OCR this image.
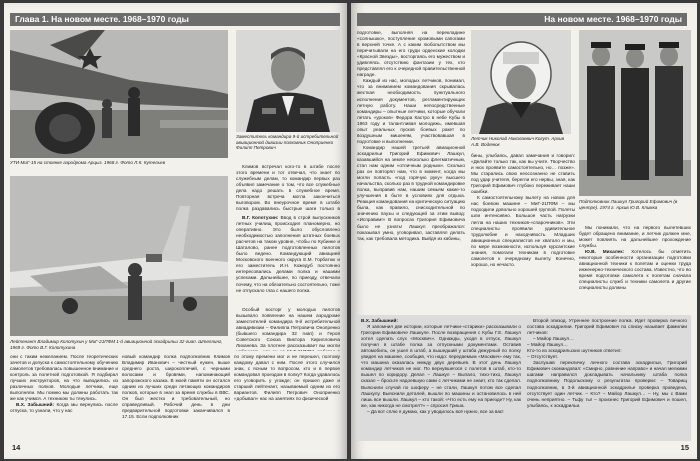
Глава 1. На новом месте. 1968–1970 годы
УТИ-МиГ-15 на стоянке аэродрома Арцыз. 1968 г. Фото Л.К. Кутельев
Заместитель командира 9-й истребительной авиационной дивизии полковник Оноприенко Филипп Петрович

Климов встречал кого-то в штабе после этого времени и тот отвечал, что знает по служебным делам, то командир первых раз объявил замечание о том, что все служебные дела надо решать в служебное время. Повторная встреча могла закончиться выговором. Во внеурочное время в штабе полка раздавались быстрые шаги только в

Лейтенант Владимир Колотухин у МиГ-21ПФМ 1-й авиационной эскадрильи 32-гиап. Штеллинг, 1969 г. Фото В.Г. Колотухина

В.Г. Колотухин: Ввод в строй выпускников летных училищ происходил планомерно, но оперативно. Это было обусловлено необходимостью заполнения штатных боевых расчетов на таком уровне, чтобы по Кубинке и Шаталово, ранее подготовленных пилотов было ведено. Командующий авиацией Московского военного округа Е.М. Горбатюк и его заместитель И.Н. Кожедуб постоянно интересовались делами полка и нашими успехами. Дальнейшее, по приезду, отвечали почему, что на обязательно состоятельно, тоже не отпускало глаз с нашего полка.

Особый восторг у молодых пилотов вызывало появление на нашем аэродроме заместителей командира 9-й истребительной авиадивизии – Филиппа Петровича Онопренко (бывшего командира 32 гиап) и Героя Советского Союза Виктора Кирилловича Лиханева. За плотнее рассказывает вы могли

они с таким нежеланием. После теоретических зачетов и допуска к самостоятельному обучению самолетов требовалась повышенное внимание и контроль за полетной подготовкой. Я подбирал лучших инструкторов, на что выводились из различных полков. Молодые летчики, еще выполняли. Мы помню мы должны работать так же как учимся. А техником ты тянулись.

В.Х. Забышний: Когда мы вернулись после отпуска, то узнали, что у нас

новый командир полка подполковник Климов Владимир Иванович – честный нужен, выше среднего роста, широкоплечий, с черными волосами и бровями, напоминающий запорожского казака. В моей памяти он остался одним из лучших среди летающих командиров полков, которые в знал за время службы в ВВС. Он был жестко и требовательный, но справедливый. Рабочий день в дни предварительной подготовки заканчивался в 17.15. Если подполковник

по этому времени мог и не перешел, поэтому каждому давал с ним. После этого случился знак, с ясным то вопросом, кто и в первое командовал проездом в полку? Когда удавалось его уговорить у угожде; он пришел даже и старший лейтенант, называемый одним из его вариантов. Филипп Петрович Оноприенко «добывал» нас на занятиях по физической

14
На новом месте. 1968–1970 годы

подготовке, выполняя на перекладине «солнышко», поступление хромовыми сапогами в верхней точке. А с каким любопытством мы перечитывали на его груди орденские колодки «Красной Звезды», восторгаясь его мужеством и удивляясь отсутствию фантазии у тех, кто представлял его к очередной правительственной награде.

Каждый из нас, молодых летчиков, понимал, что за вниманием командования скрывалась жесткая необходимость пунктуального исполнения документов, регламентирующих летную работу. Наши непосредственные командиры – опытные летчики, которые обучали летать «уроков» Федора Кастро в небе Кубы в 1963 году и талантливая молодежь, имевшая опыт реальных пусков боевых ракет по воздушным мишеням, участвовавшая в подготовке и выполнении.

Командир нашей третьей авиационной эскадрильи Григорий Ефимович Лашкул, казавшийся на земле несколько флегматичным, стал нам одним «отличным родным». Сколько раз он повторял нам, что в момент, когда мы могли попасть «под горячую руку» высшего начальства, сколько раз в трудной командировке полка, выправив нам, нашим семьям какие-то улучшения в быте в условиях для отдыха. Реакция командования на критическую ситуацию была, как правило, снисходительной по значению паузы и следующей за этим вывод: «Исправим!» В вопросах Григория Ефимовича было не узнать! Лашкул преображался: показывал умно, уговоривал, заставлял делать так, как требовала методика. Выйдя из кабины,

Летчик Николай Николаевич Когут. Архив А.В. Водянюк
Подполковник Лашкул Григорий Ефимович (в центре). 1974 г. Архив Ю.В. Климка

бины, улыбаясь, давал замечания и говорил: «Делайте только так, как вы учите. Творчество и нюх проявите самостоятельно, но… позже». Мы старались свою неосознанно не ставить под удар учителя, берегли его нервы, зная, как Григорий Ефимович глубоко переживает наши ошибки.

К самостоятельному вылету на новом для нас боевом машине – МиГ-21ПФМ – мы подходили довольно хорошей группой. Полеты шли интенсивно. Большое часть нагрузки легла на наших техников-«спарочников». Эти специалисты проявили удивительное трудолюбие и находчивость. Младших авиационных специалистов не хватало и мы, по мере возможности, используя курсантские знания, помогали техникам в подготовке самолетов к очередному вылету. Конечно, хорошо, но нечасто.

Мы понимали, что на первого вылетевших будет обращено внимание, и летчик должен мне, может повлиять на дальнейшее прохождение службы.

Ю.В. Михалек: Хотелось бы отметить некоторые особенности организации подготовки авиационной техники к полетам и оценки труда инженерно-технического состава. Известно, что во время подготовки самолета к полетам сначала специалисты служб и техники самолета и другие специалисты должны

В.Х. Забышний:

Я запомнил две истории, которые летчики-«старики» рассказывали о Григории Ефимовиче Лашкуле. После возвращения с Кубы Г.Е. Лашкул хотел сделать слух «Москвич». Однажды, уходя в отпуск, Лашкул получил в штабе полка за отпускными документами. Оставив автомобиль, он ушел в штаб, а вышедший у штаба дежурный по полку увидел на машине, сообщив, что надо: передаемым «Москвич» ему так, что машина оказалась между двух деревьев. В этот день Лашкул командир летчиков не мог. По вернувшегося с полетов в штаб, кто-то вышел по коридору. Делал – Лашкул – Выпало, тихо-тихо, Лашкул сказал – бросьте надоевшую сами с летчиками не знает, кто так сделал. Выяснили случай по шоферу – не стали, Лашкул потом все сделал Лашкулу. Выяснили деталей, вышли по машины и остановилось в ней лишь все вышли. Лашкул – кто такой: «Что есть ему на приезде? Ну, как же, как никогда не смотрел?» – спросил Гриша.

– Да вот сплю я думаю, как у уводилось всё нужно, все за вас!

Второй эпизод. Утреннее построение полка. Идет проверка личного состава эскадрилии. Григорий Ефимович по списку называет фамилии летчиков:

– Майор Лашкул…
– Майор Лашкул…
Кто-то из эскадрильских шутников ответил:
– Отсутствует.

Заслушав перекличку личного состава эскадрильи, Григорий Ефимович скомандовал: «Смирно, равнение направо» и начал мелкими шагами направился докладывать начальнику штаба полка подполковнику Подольскому о результатах проверки: – Товарищ подполковник, в 3-й авиационной эскадрилье проверка проведена, отсутствует один летчик. – Кто? – Майор Лашкул… – Ну, мы с Вами очень неприятно. – Тьфу ты! – произнес Григорий Ефимович и пошел, улыбаясь, к эскадрильи.

15
